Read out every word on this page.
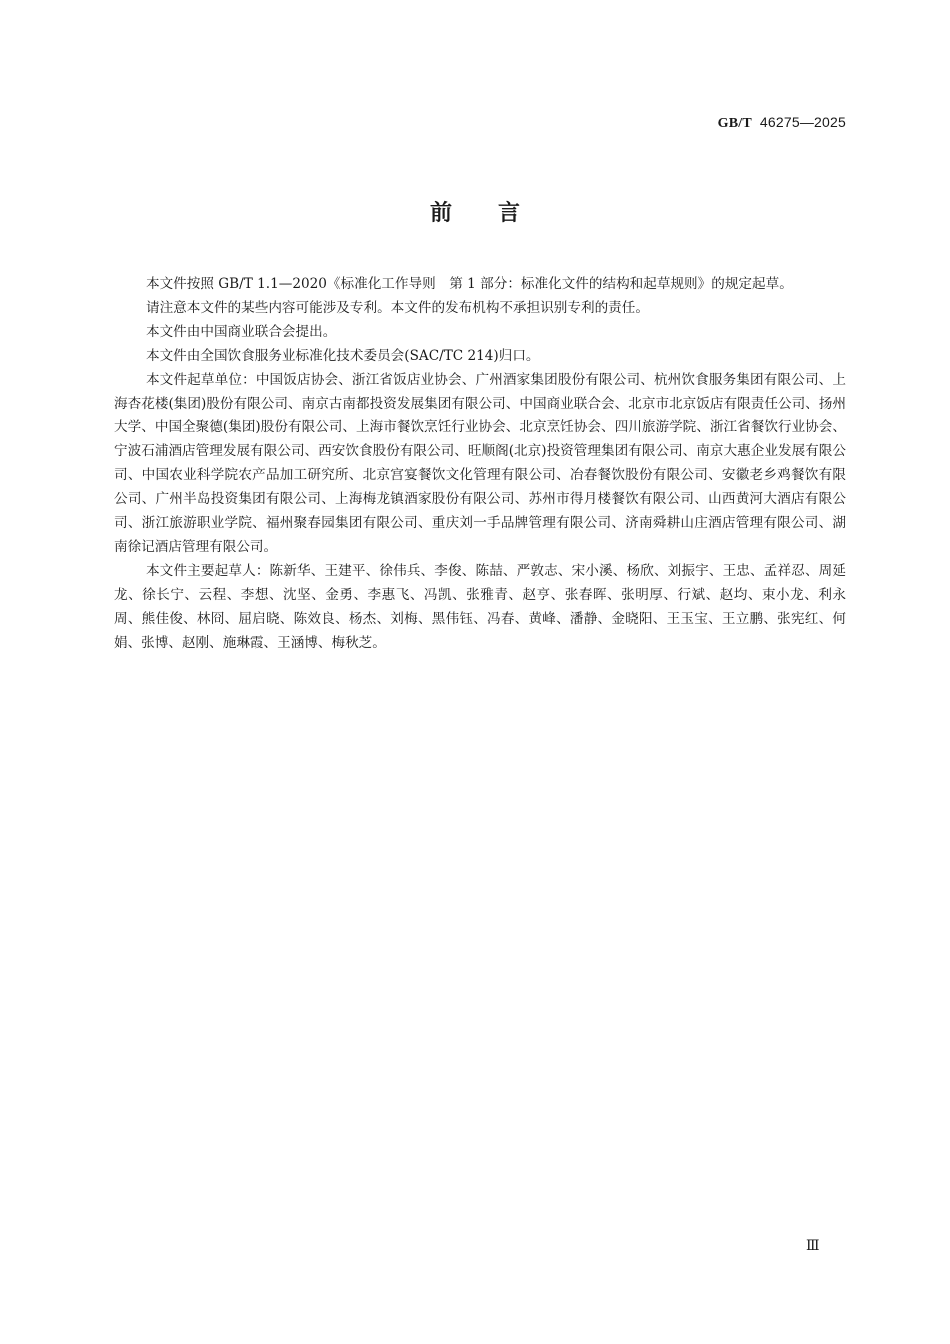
GB/T 46275—2025
前言

本文件按照 GB/T 1.1—2020《标准化工作导则　第 1 部分：标准化文件的结构和起草规则》的规定起草。

请注意本文件的某些内容可能涉及专利。本文件的发布机构不承担识别专利的责任。

本文件由中国商业联合会提出。

本文件由全国饮食服务业标准化技术委员会(SAC/TC 214)归口。

本文件起草单位：中国饭店协会、浙江省饭店业协会、广州酒家集团股份有限公司、杭州饮食服务集团有限公司、上海杏花楼(集团)股份有限公司、南京古南都投资发展集团有限公司、中国商业联合会、北京市北京饭店有限责任公司、扬州大学、中国全聚德(集团)股份有限公司、上海市餐饮烹饪行业协会、北京烹饪协会、四川旅游学院、浙江省餐饮行业协会、宁波石浦酒店管理发展有限公司、西安饮食股份有限公司、旺顺阁(北京)投资管理集团有限公司、南京大惠企业发展有限公司、中国农业科学院农产品加工研究所、北京宫宴餐饮文化管理有限公司、冶春餐饮股份有限公司、安徽老乡鸡餐饮有限公司、广州半岛投资集团有限公司、上海梅龙镇酒家股份有限公司、苏州市得月楼餐饮有限公司、山西黄河大酒店有限公司、浙江旅游职业学院、福州聚春园集团有限公司、重庆刘一手品牌管理有限公司、济南舜耕山庄酒店管理有限公司、湖南徐记酒店管理有限公司。

本文件主要起草人：陈新华、王建平、徐伟兵、李俊、陈喆、严敦志、宋小溪、杨欣、刘振宇、王忠、孟祥忍、周延龙、徐长宁、云程、李想、沈坚、金勇、李惠飞、冯凯、张雅青、赵亨、张春晖、张明厚、行斌、赵均、束小龙、利永周、熊佳俊、林冏、屈启晓、陈效良、杨杰、刘梅、黑伟钰、冯春、黄峰、潘静、金晓阳、王玉宝、王立鹏、张宪红、何娟、张博、赵刚、施琳霞、王涵博、梅秋芝。

Ⅲ
